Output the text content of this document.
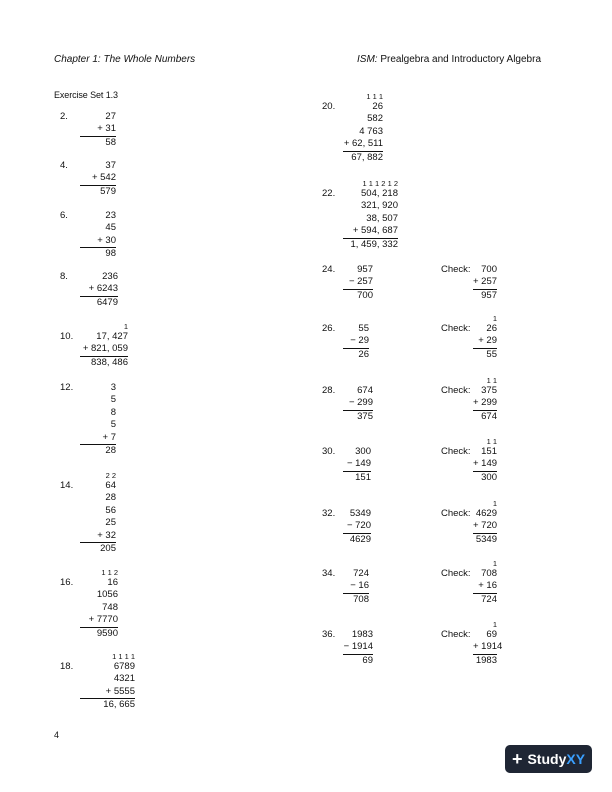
Chapter 1: The Whole Numbers	ISM: Prealgebra and Introductory Algebra
Exercise Set 1.3
2.	27
+ 31
58
4.	37
+ 542
579
6.	23
45
+ 30
98
8.	236
+ 6243
6479
10.
1
17, 427
+ 821, 059
838, 486
12.	3
5
8
5
+ 7
28
14.
2 2
64
28
56
25
+ 32
205
16.
1 1 2
16
1056
748
+ 7770
9590
18.
1 1 1 1
6789
4321
+ 5555
16, 665
20.
1 1 1
26
582
4 763
+ 62, 511
67, 882
22.
1 1 1 2 1 2
504, 218
321, 920
38, 507
+ 594, 687
1, 459, 332
24.	957
− 257
700
Check:	700
+ 257
957
26.	55
− 29
26
Check:
1
26
+ 29
55
28.	674
− 299
375
Check:
1 1
375
+ 299
674
30.	300
− 149
151
Check:
1 1
151
+ 149
300
32.	5349
− 720
4629
Check:
1
4629
+ 720
5349
34.	724
− 16
708
Check:
1
708
+ 16
724
36.	1983
− 1914
69
Check:
1
69
+ 1914
1983
4
+ Study XY
